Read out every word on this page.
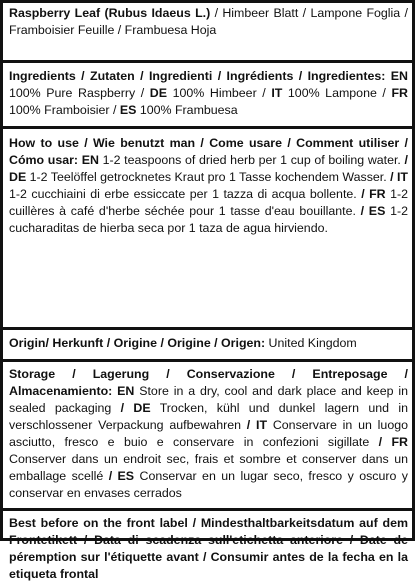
Raspberry Leaf (Rubus Idaeus L.) / Himbeer Blatt / Lampone Foglia / Framboisier Feuille / Frambuesa Hoja
Ingredients / Zutaten / Ingredienti / Ingrédients / Ingredientes: EN 100% Pure Raspberry / DE 100% Himbeer / IT 100% Lampone / FR 100% Framboisier / ES 100% Frambuesa
How to use / Wie benutzt man / Come usare / Comment utiliser / Cómo usar: EN 1-2 teaspoons of dried herb per 1 cup of boiling water. / DE 1-2 Teelöffel getrocknetes Kraut pro 1 Tasse kochendem Wasser. / IT 1-2 cucchiaini di erbe essiccate per 1 tazza di acqua bollente. / FR 1-2 cuillères à café d'herbe séchée pour 1 tasse d'eau bouillante. / ES 1-2 cucharaditas de hierba seca por 1 taza de agua hirviendo.
Origin/ Herkunft / Origine / Origine / Origen: United Kingdom
Storage / Lagerung / Conservazione / Entreposage / Almacenamiento: EN Store in a dry, cool and dark place and keep in sealed packaging / DE Trocken, kühl und dunkel lagern und in verschlossener Verpackung aufbewahren / IT Conservare in un luogo asciutto, fresco e buio e conservare in confezioni sigillate / FR Conserver dans un endroit sec, frais et sombre et conserver dans un emballage scellé / ES Conservar en un lugar seco, fresco y oscuro y conservar en envases cerrados
Best before on the front label / Mindesthaltbarkeitsdatum auf dem Frontetikett / Data di scadenza sull'etichetta anteriore / Date de péremption sur l'étiquette avant / Consumir antes de la fecha en la etiqueta frontal
